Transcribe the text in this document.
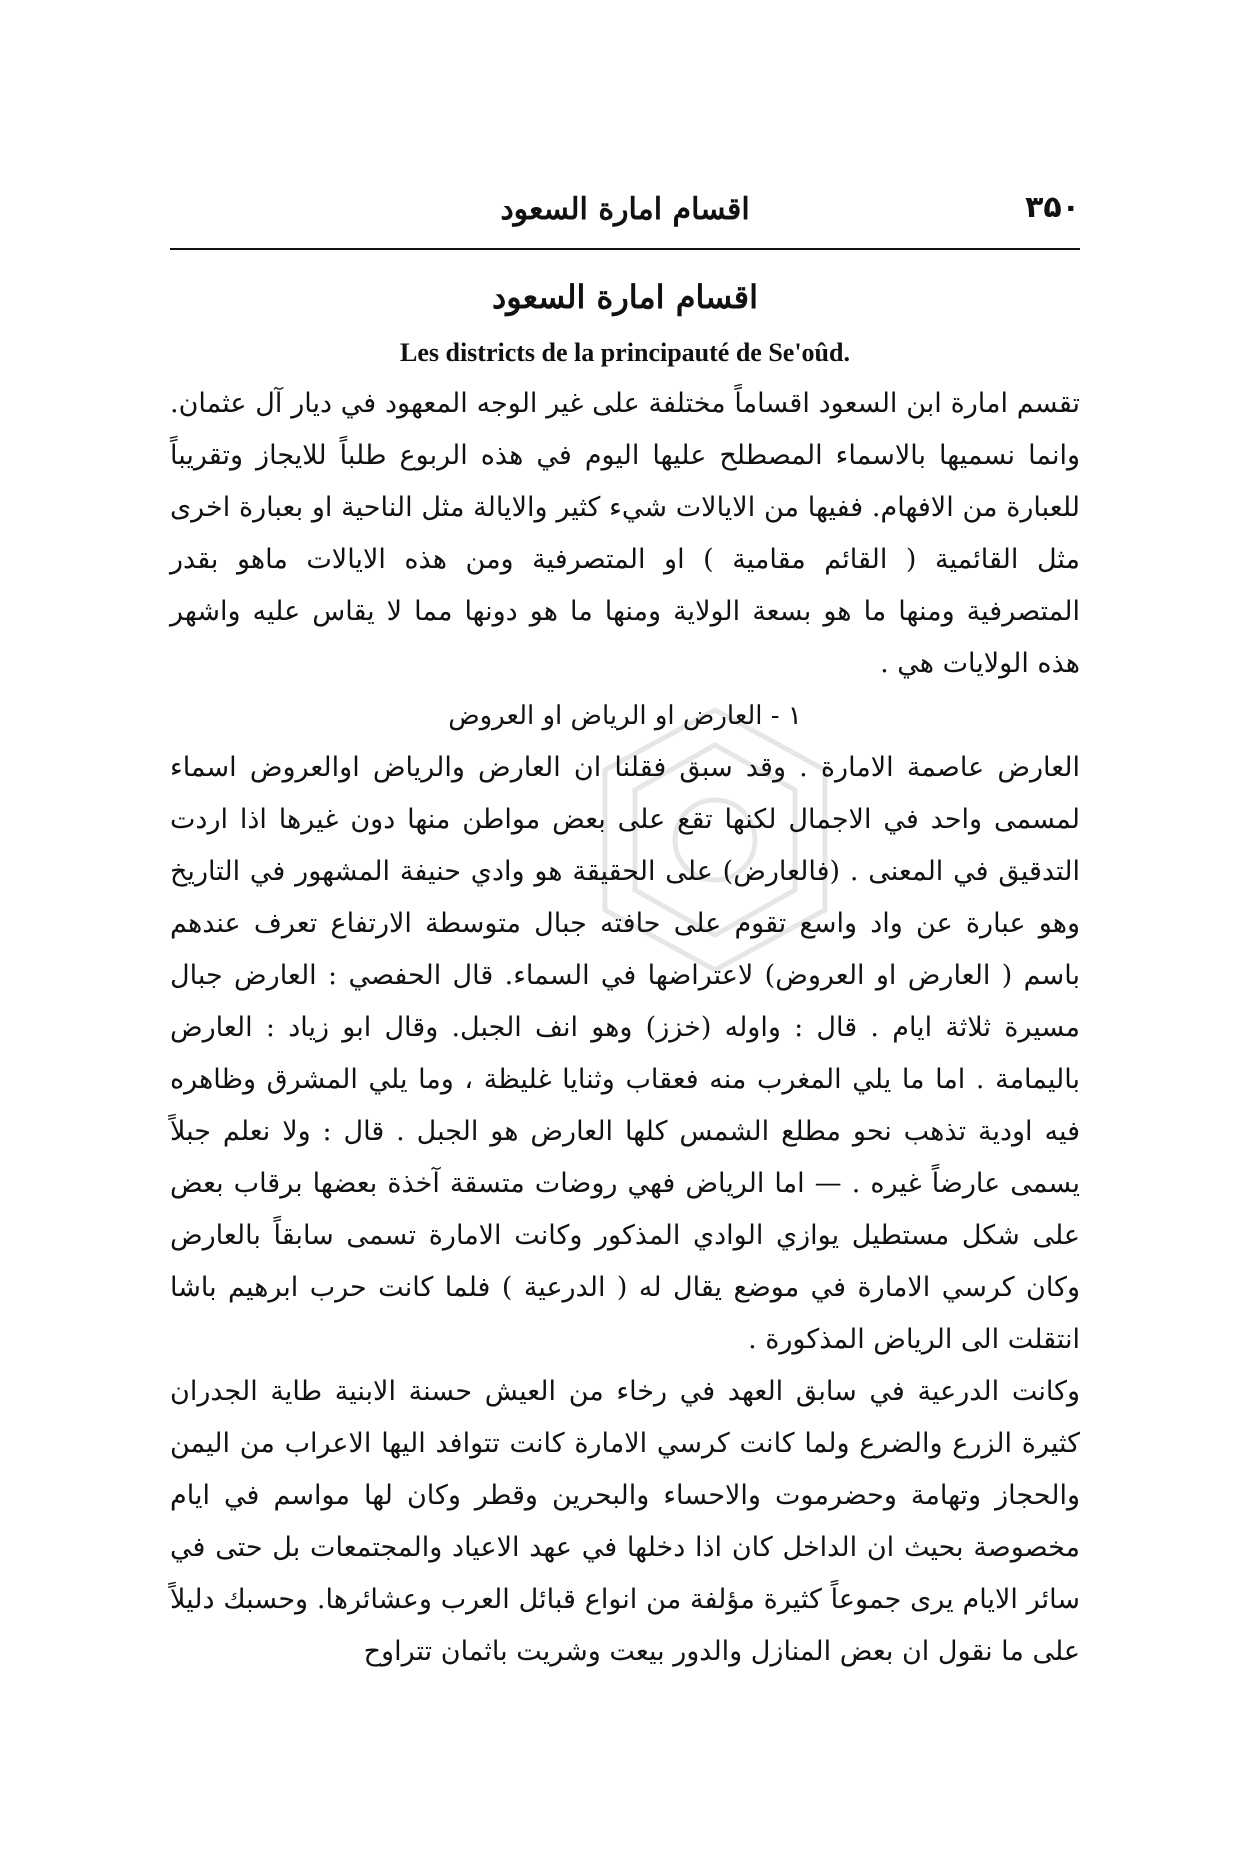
۳۵۰
اقسام امارة السعود
اقسام امارة السعود
Les districts de la principauté de Se'oûd.

تقسم امارة ابن السعود اقساماً مختلفة على غير الوجه المعهود في ديار آل عثمان. وانما نسميها بالاسماء المصطلح عليها اليوم في هذه الربوع طلباً للايجاز وتقريباً للعبارة من الافهام. ففيها من الايالات شيء كثير والايالة مثل الناحية او بعبارة اخرى مثل القائمية ( القائم مقامية ) او المتصرفية ومن هذه الايالات ماهو بقدر المتصرفية ومنها ما هو بسعة الولاية ومنها ما هو دونها مما لا يقاس عليه واشهر هذه الولايات هي .

١ - العارض او الرياض او العروض

العارض عاصمة الامارة . وقد سبق فقلنا ان العارض والرياض اوالعروض اسماء لمسمى واحد في الاجمال لكنها تقع على بعض مواطن منها دون غيرها اذا اردت التدقيق في المعنى . (فالعارض) على الحقيقة هو وادي حنيفة المشهور في التاريخ وهو عبارة عن واد واسع تقوم على حافته جبال متوسطة الارتفاع تعرف عندهم باسم ( العارض او العروض) لاعتراضها في السماء. قال الحفصي : العارض جبال مسيرة ثلاثة ايام . قال : واوله (خزز) وهو انف الجبل. وقال ابو زياد : العارض باليمامة . اما ما يلي المغرب منه فعقاب وثنايا غليظة ، وما يلي المشرق وظاهره فيه اودية تذهب نحو مطلع الشمس كلها العارض هو الجبل . قال : ولا نعلم جبلاً يسمى عارضاً غيره . — اما الرياض فهي روضات متسقة آخذة بعضها برقاب بعض على شكل مستطيل يوازي الوادي المذكور وكانت الامارة تسمى سابقاً بالعارض وكان كرسي الامارة في موضع يقال له ( الدرعية ) فلما كانت حرب ابرهيم باشا انتقلت الى الرياض المذكورة .

وكانت الدرعية في سابق العهد في رخاء من العيش حسنة الابنية طاية الجدران كثيرة الزرع والضرع ولما كانت كرسي الامارة كانت تتوافد اليها الاعراب من اليمن والحجاز وتهامة وحضرموت والاحساء والبحرين وقطر وكان لها مواسم في ايام مخصوصة بحيث ان الداخل كان اذا دخلها في عهد الاعياد والمجتمعات بل حتى في سائر الايام يرى جموعاً كثيرة مؤلفة من انواع قبائل العرب وعشائرها. وحسبك دليلاً على ما نقول ان بعض المنازل والدور بيعت وشريت باثمان تتراوح
